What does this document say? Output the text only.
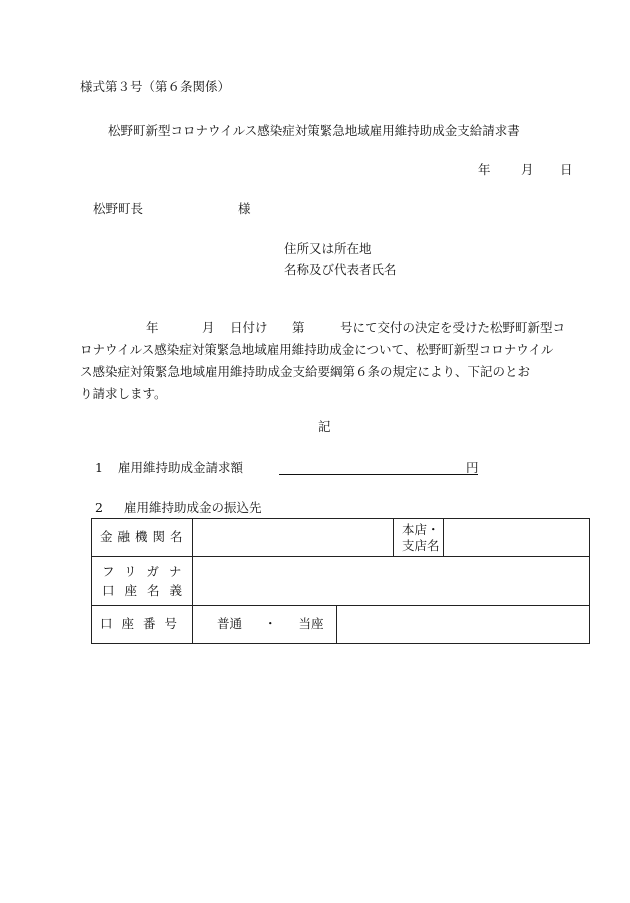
様式第３号（第６条関係）
松野町新型コロナウイルス感染症対策緊急地域雇用維持助成金支給請求書
年 月 日
松野町長	様
住所又は所在地
名称及び代表者氏名
年	月 日付け 第	号にて交付の決定を受けた松野町新型コ
ロナウイルス感染症対策緊急地域雇用維持助成金について、松野町新型コロナウイル
ス感染症対策緊急地域雇用維持助成金支給要綱第６条の規定により、下記のとお
り請求します。
記
1 雇用維持助成金請求額	円
2 雇用維持助成金の振込先
金融機関名			本店・
支店名	

フリガナ
口座名義				

口座番号	普通 ・ 当座			
